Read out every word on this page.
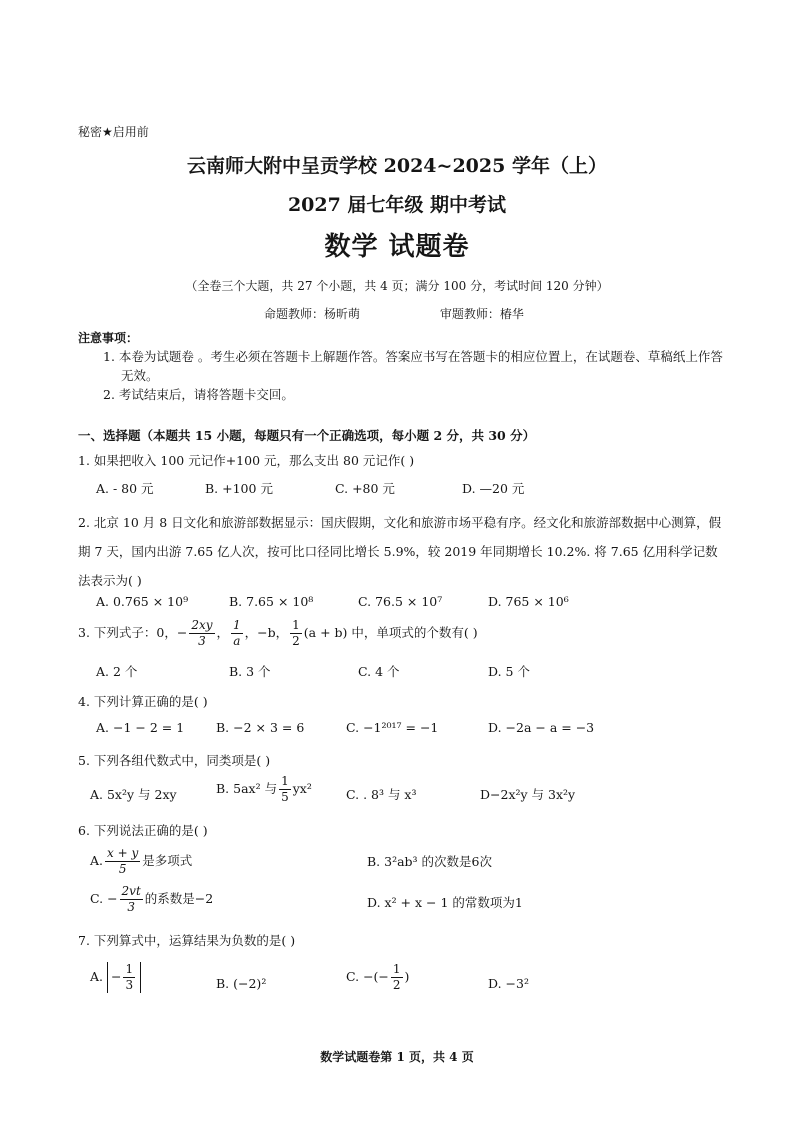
秘密★启用前
云南师大附中呈贡学校 2024~2025 学年（上）
2027 届七年级 期中考试
数学 试题卷
（全卷三个大题，共 27 个小题，共 4 页；满分 100 分，考试时间 120 分钟）
命题教师：杨昕萌	审题教师：椿华
注意事项：
1. 本卷为试题卷 。考生必须在答题卡上解题作答。答案应书写在答题卡的相应位置上，在试题卷、草稿纸上作答无效。
2. 考试结束后，请将答题卡交回。
一、选择题（本题共 15 小题，每题只有一个正确选项，每小题 2 分，共 30 分）
1. 如果把收入 100 元记作+100 元，那么支出 80 元记作( )
A. - 80 元	B. +100 元	C. +80 元	D. —20 元
2. 北京 10 月 8 日文化和旅游部数据显示：国庆假期，文化和旅游市场平稳有序。经文化和旅游部数据中心测算，假期 7 天，国内出游 7.65 亿人次，按可比口径同比增长 5.9%，较 2019 年同期增长 10.2%. 将 7.65 亿用科学记数法表示为( )
A. 0.765 × 10⁹	B. 7.65 × 10⁸	C. 76.5 × 10⁷	D. 765 × 10⁶
3. 下列式子：0，− $\frac{2xy}{3}$ ， $\frac{1}{a}$ ，−b， $\frac{1}{2} (a + b)$ 中，单项式的个数有( )
A. 2 个	B. 3 个	C. 4 个	D. 5 个
4. 下列计算正确的是( )
A. −1 − 2 = 1	B. −2 × 3 = 6	C. −1²⁰¹⁷ = −1	D. −2a − a = −3
5. 下列各组代数式中，同类项是( )
A. 5x²y 与 2xy	B. 5ax² 与 $\frac{1}{5} yx^2$	C. . 8³ 与 x³	D−2x²y 与 3x²y
6. 下列说法正确的是( )
A. $\frac{x + y}{5}$ 是多项式	B. 3²ab³ 的次数是6次
C. − $\frac{2vt}{3}$ 的系数是−2	D. x² + x − 1 的常数项为1
7. 下列算式中，运算结果为负数的是( )
A. − $\frac{1}{3}$	B. (−2)²	C. −(− $\frac{1}{2}$ )	D. −3²
数学试题卷第 1 页，共 4 页
